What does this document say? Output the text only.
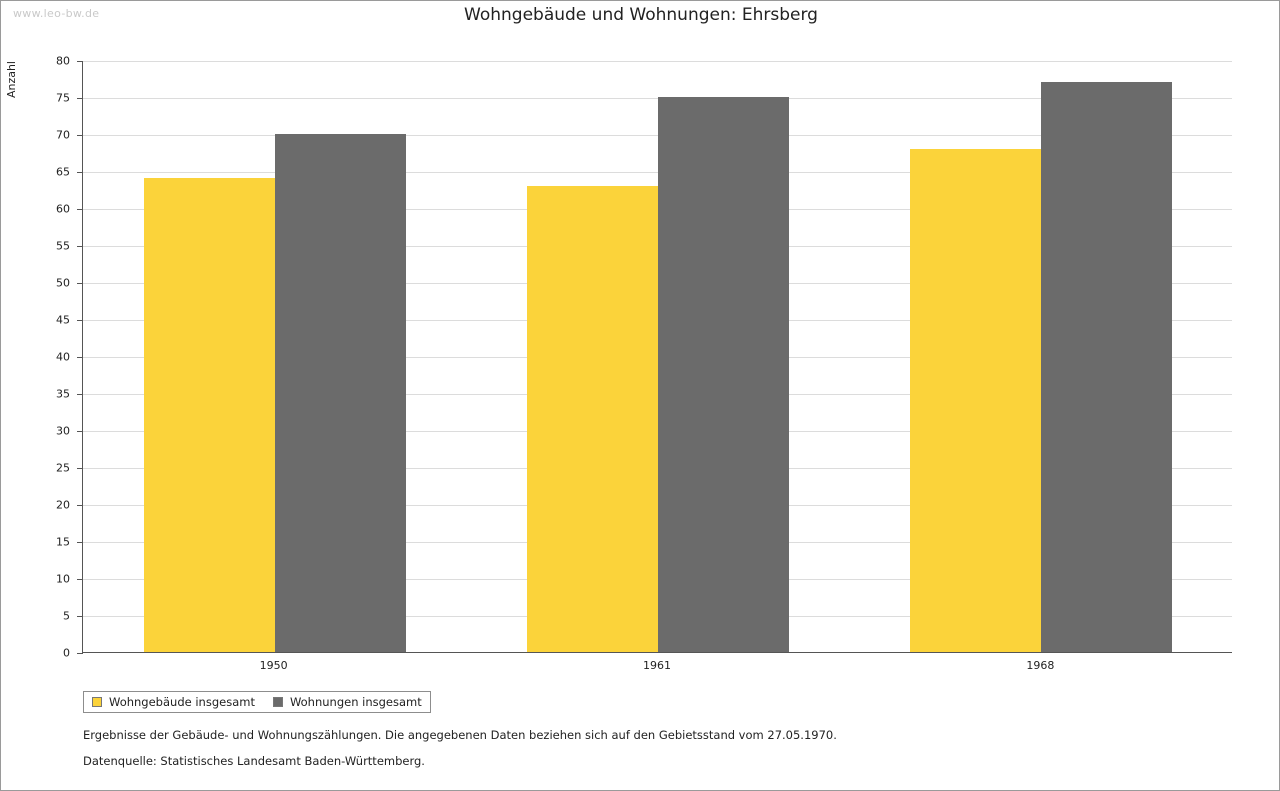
www.leo-bw.de	Wohngebäude und Wohnungen: Ehrsberg
Anzahl
0
5
10
15
20
25
30
35
40
45
50
55
60
65
70
75
80
Wohngebäude insgesamt	Wohnungen insgesamt
Ergebnisse der Gebäude- und Wohnungszählungen. Die angegebenen Daten beziehen sich auf den Gebietsstand vom 27.05.1970.
Datenquelle: Statistisches Landesamt Baden-Württemberg.
1950	1961	1968
